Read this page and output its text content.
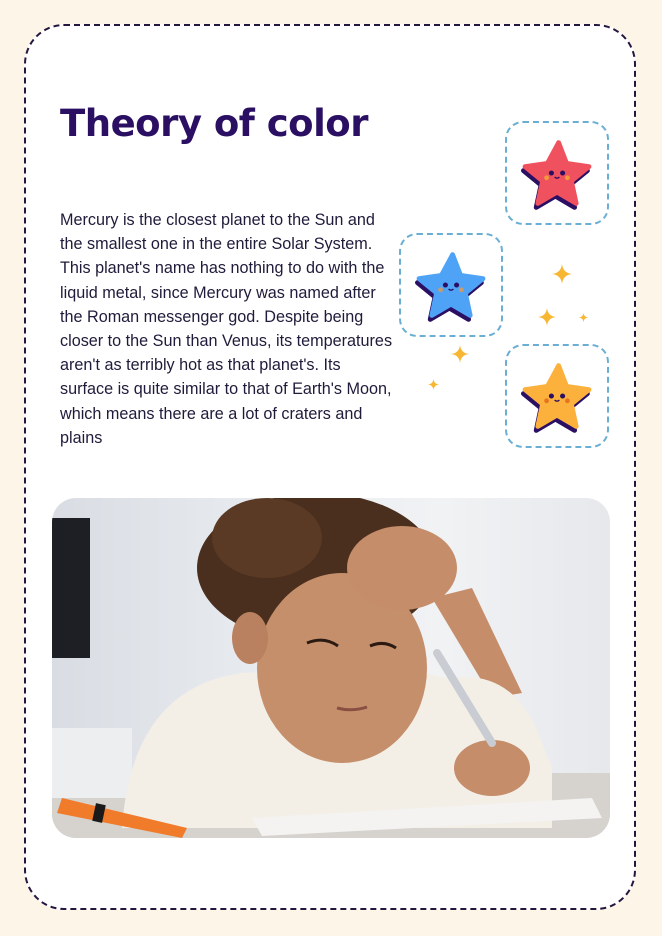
Theory of color

Mercury is the closest planet to the Sun and the smallest one in the entire Solar System. This planet's name has nothing to do with the liquid metal, since Mercury was named after the Roman messenger god. Despite being closer to the Sun than Venus, its temperatures aren't as terribly hot as that planet's. Its surface is quite similar to that of Earth's Moon, which means there are a lot of craters and plains
